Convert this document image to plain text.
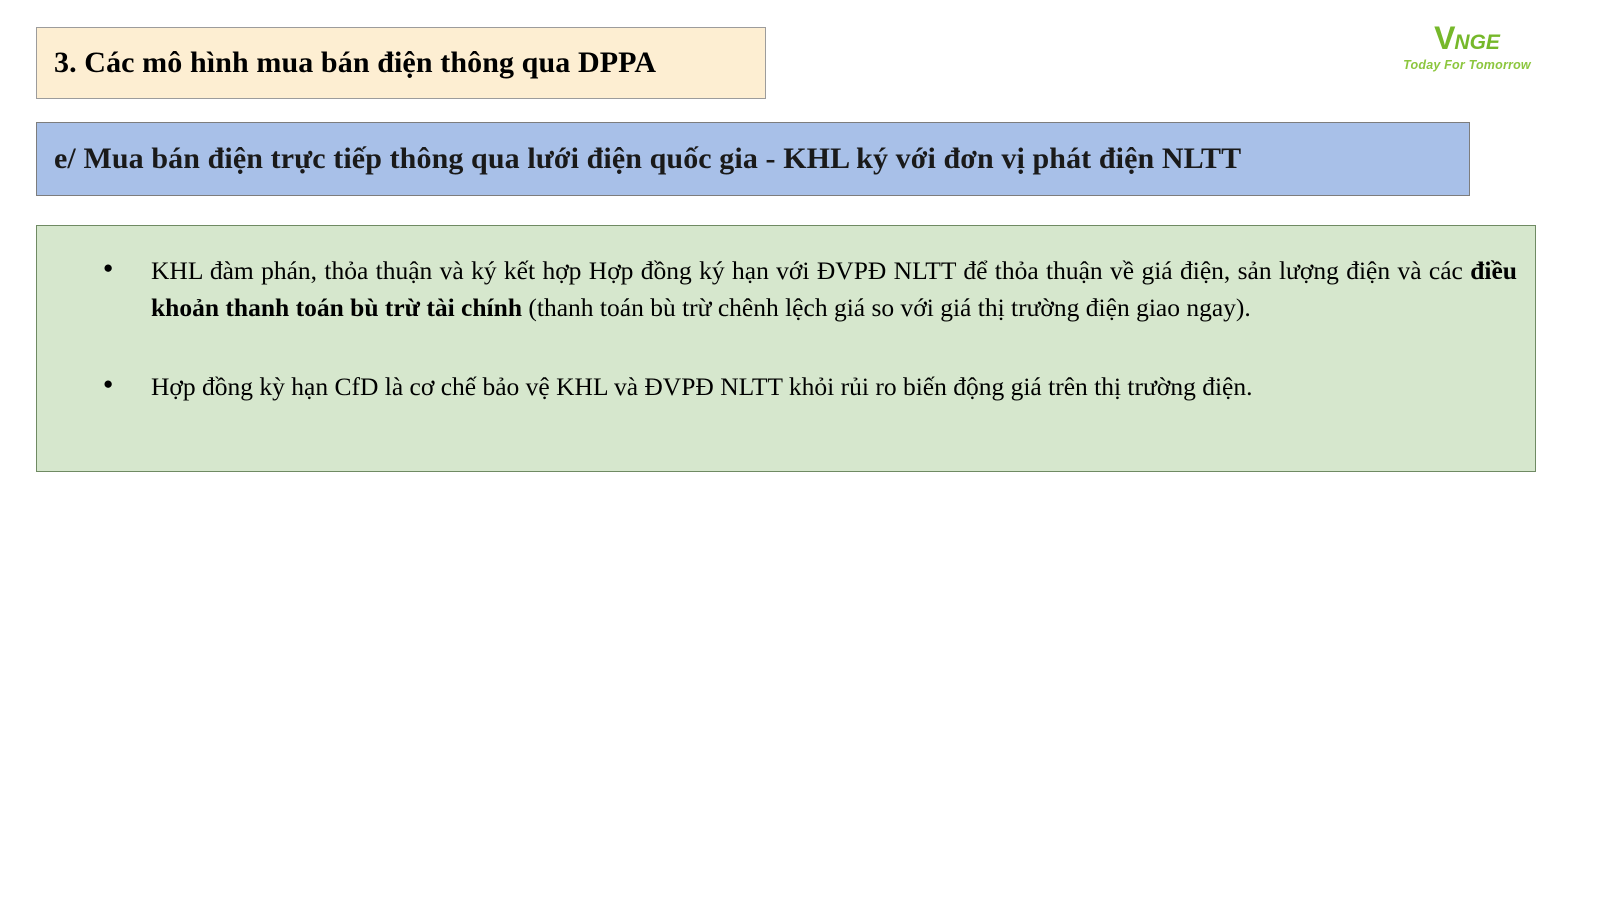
VNGE
Today For Tomorrow
3. Các mô hình mua bán điện thông qua DPPA
e/ Mua bán điện trực tiếp thông qua lưới điện quốc gia - KHL ký với đơn vị phát điện NLTT
● KHL đàm phán, thỏa thuận và ký kết hợp Hợp đồng ký hạn với ĐVPĐ NLTT để thỏa thuận về giá điện, sản lượng điện và các điều khoản thanh toán bù trừ tài chính (thanh toán bù trừ chênh lệch giá so với giá thị trường điện giao ngay).
● Hợp đồng kỳ hạn CfD là cơ chế bảo vệ KHL và ĐVPĐ NLTT khỏi rủi ro biến động giá trên thị trường điện.
